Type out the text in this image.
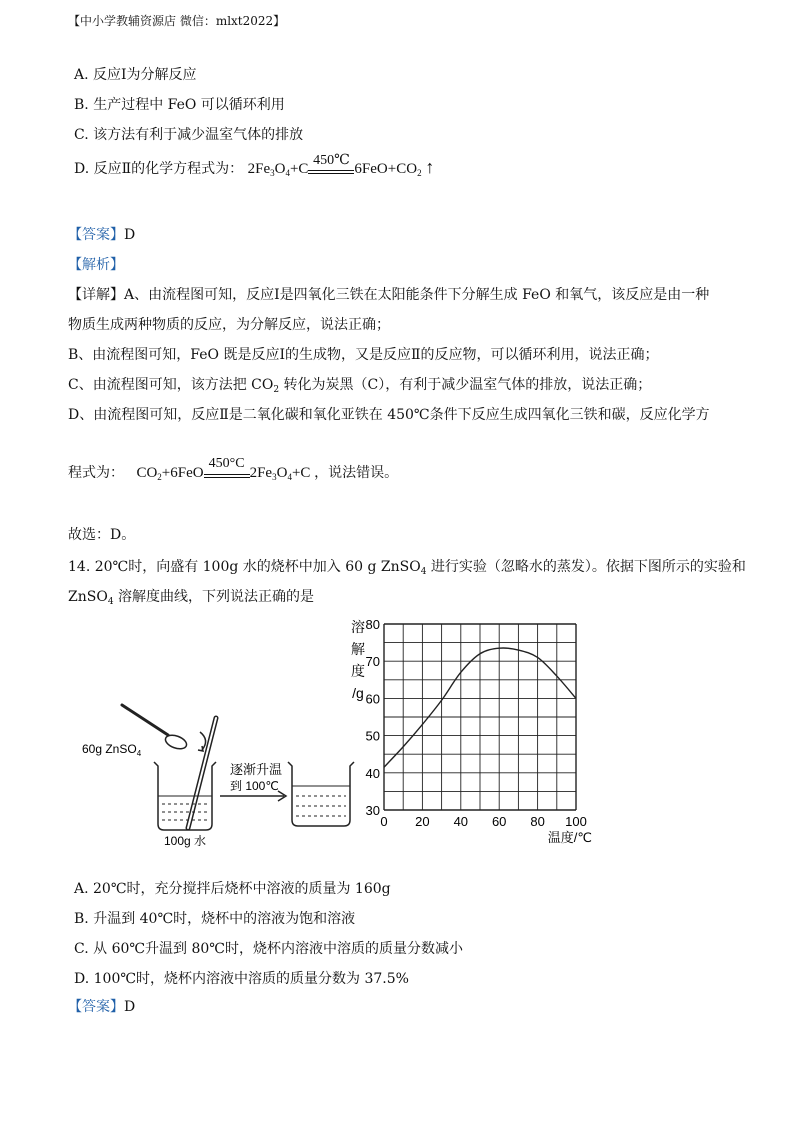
【中小学教辅资源店 微信：mlxt2022】
A. 反应Ⅰ为分解反应
B. 生产过程中 FeO 可以循环利用
C. 该方法有利于减少温室气体的排放
D. 反应Ⅱ的化学方程式为： $2Fe_3O_4+C$
450℃
$6FeO+CO_2$ ↑
【答案】D
【解析】
【详解】A、由流程图可知，反应Ⅰ是四氧化三铁在太阳能条件下分解生成 FeO 和氧气，该反应是由一种
物质生成两种物质的反应，为分解反应，说法正确；
B、由流程图可知，FeO 既是反应Ⅰ的生成物，又是反应Ⅱ的反应物，可以循环利用，说法正确；
C、由流程图可知，该方法把 $CO_2$ 转化为炭黑（C），有利于减少温室气体的排放，说法正确；
D、由流程图可知，反应Ⅱ是二氧化碳和氧化亚铁在 450℃条件下反应生成四氧化三铁和碳，反应化学方
程式为： $CO_2+6FeO$
450°C
$2Fe_3O_4+C$ ，说法错误。
故选：D。
14. 20℃时，向盛有 100g 水的烧杯中加入 60 g ZnSO$_4$ 进行实验（忽略水的蒸发）。依据下图所示的实验和
ZnSO$_4$ 溶解度曲线，下列说法正确的是
60g ZnSO$_4$
逐渐升温
到 100℃
100g 水
30
40
50
60
70
80
0 20 40 60 80 100
溶
解
度
/g
温度/℃
A. 20℃时，充分搅拌后烧杯中溶液的质量为 160g
B. 升温到 40℃时，烧杯中的溶液为饱和溶液
C. 从 60℃升温到 80℃时，烧杯内溶液中溶质的质量分数减小
D. 100℃时，烧杯内溶液中溶质的质量分数为 37.5%
【答案】D
